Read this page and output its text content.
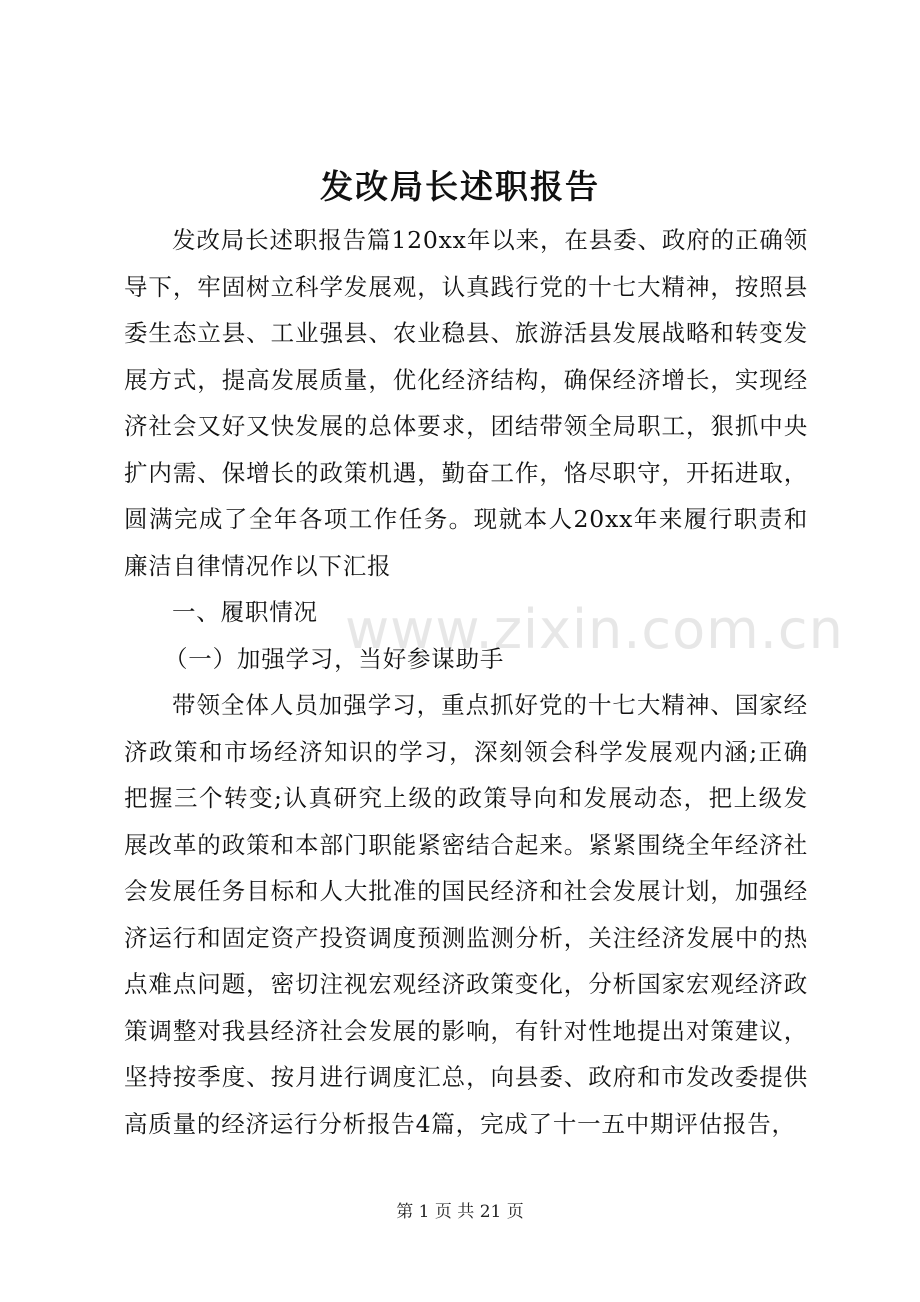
发改局长述职报告

发改局长述职报告篇120xx年以来，在县委、政府的正确领导下，牢固树立科学发展观，认真践行党的十七大精神，按照县委生态立县、工业强县、农业稳县、旅游活县发展战略和转变发展方式，提高发展质量，优化经济结构，确保经济增长，实现经济社会又好又快发展的总体要求，团结带领全局职工，狠抓中央扩内需、保增长的政策机遇，勤奋工作，恪尽职守，开拓进取，圆满完成了全年各项工作任务。现就本人20xx年来履行职责和廉洁自律情况作以下汇报

一、履职情况

（一）加强学习，当好参谋助手

带领全体人员加强学习，重点抓好党的十七大精神、国家经济政策和市场经济知识的学习，深刻领会科学发展观内涵;正确把握三个转变;认真研究上级的政策导向和发展动态，把上级发展改革的政策和本部门职能紧密结合起来。紧紧围绕全年经济社会发展任务目标和人大批准的国民经济和社会发展计划，加强经济运行和固定资产投资调度预测监测分析，关注经济发展中的热点难点问题，密切注视宏观经济政策变化，分析国家宏观经济政策调整对我县经济社会发展的影响，有针对性地提出对策建议，坚持按季度、按月进行调度汇总，向县委、政府和市发改委提供高质量的经济运行分析报告4篇，完成了十一五中期评估报告，

www.zixin.com.cn
第 1 页 共 21 页
